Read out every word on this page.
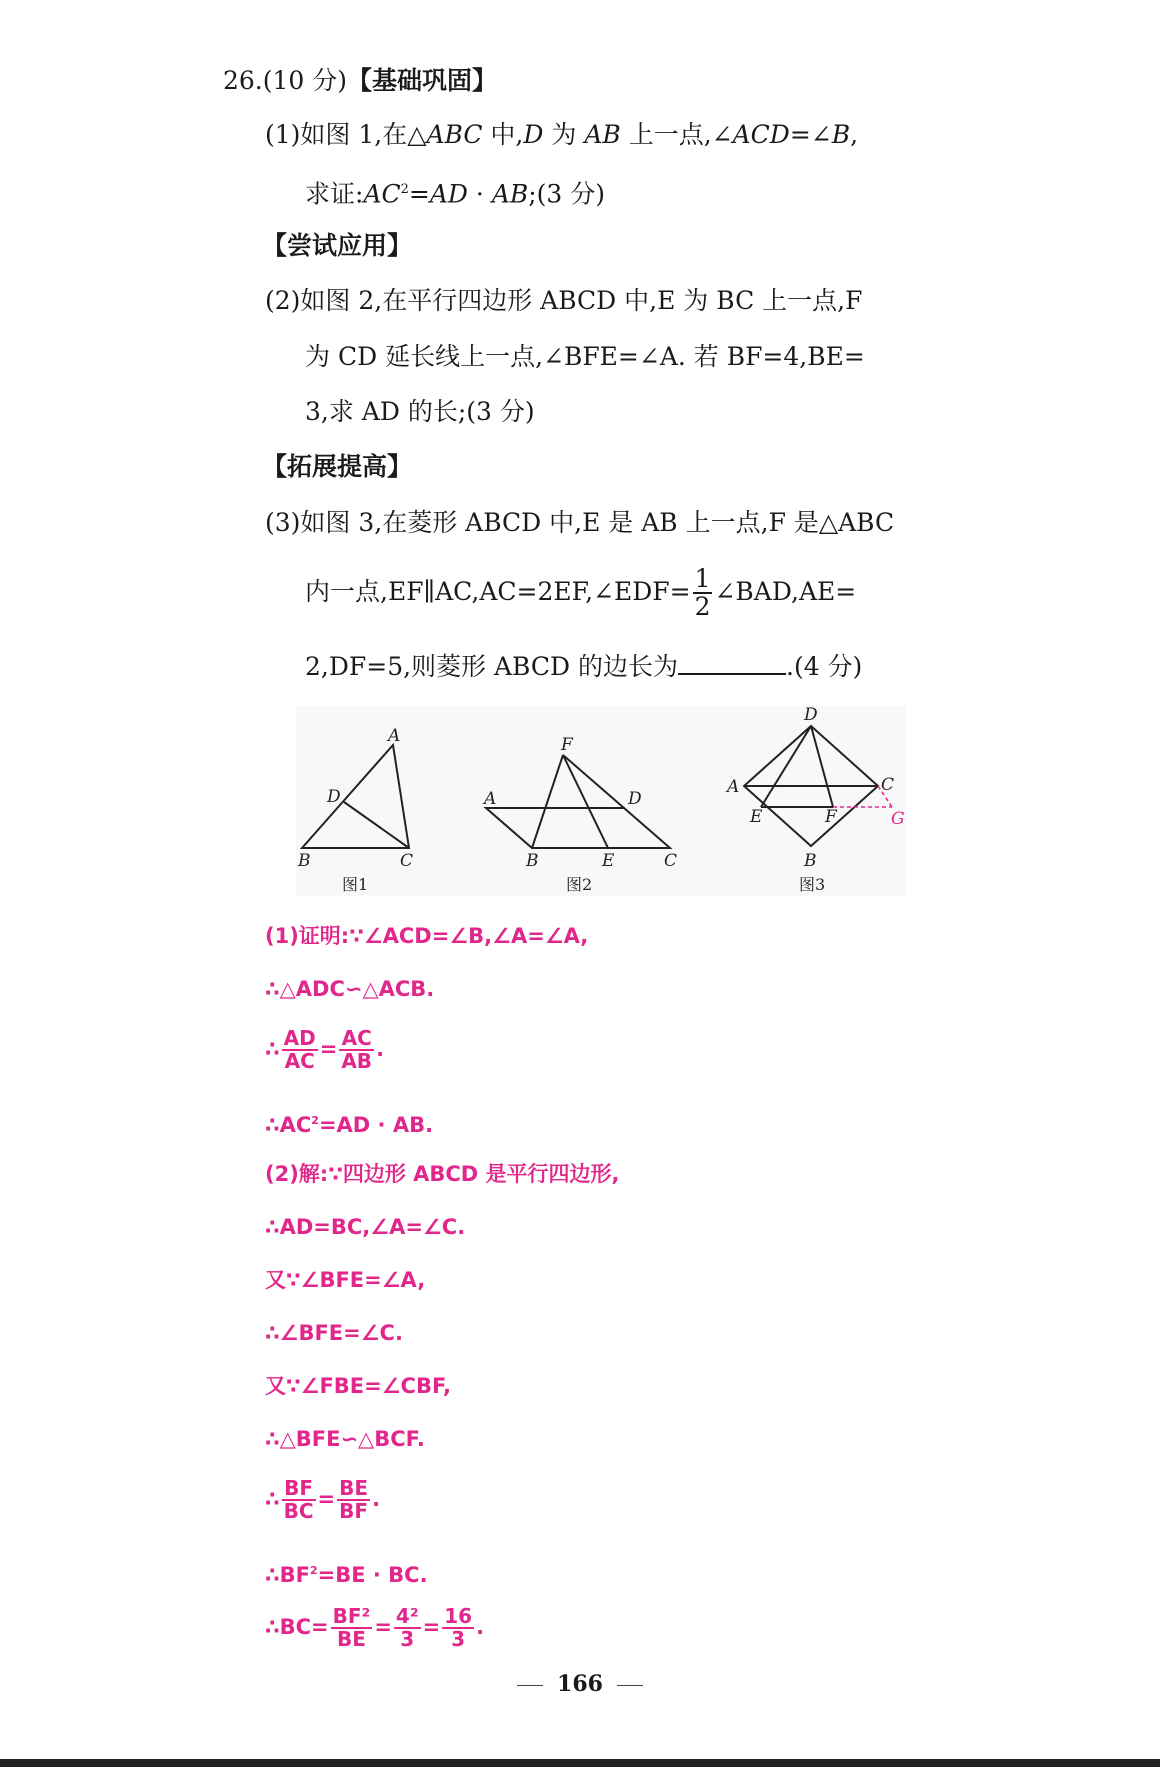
26.(10 分)【基础巩固】
(1)如图 1,在△ABC 中,D 为 AB 上一点,∠ACD=∠B,
求证$:AC^2=AD$ · AB;(3 分)
【尝试应用】
(2)如图 2,在平行四边形 ABCD 中,E 为 BC 上一点,F
为 CD 延长线上一点,∠BFE=∠A. 若 BF=4,BE=
3,求 AD 的长;(3 分)
【拓展提高】
(3)如图 3,在菱形 ABCD 中,E 是 AB 上一点,F 是△ABC
内一点,EF∥AC,AC=2EF,∠EDF= $\frac{1}{2}$ ∠BAD,AE=
2,DF=5,则菱形 ABCD 的边长为	.(4 分)
A
D
B	C
图1
F
A	D
B	E	C
图2
D
A	C
E	F
B
图3
G
(1)证明:∵∠ACD=∠B,∠A=∠A,
∴△ADC∽△ACB.
∴ $\frac{AD}{AC} = \frac{AC}{AB}$ .
$\therefore AC^2=AD$ · AB.
(2)解:∵四边形 ABCD 是平行四边形,
∴AD=BC,∠A=∠C.
又∵∠BFE=∠A,
∴∠BFE=∠C.
又∵∠FBE=∠CBF,
∴△BFE∽△BCF.
∴ $\frac{BF}{BC} = \frac{BE}{BF}$ .
$\therefore BF^2=BE$ · BC.
∴BC= $\frac{\text{BF²}}{BE} = \frac{\text{4²}}{3} = \frac{16}{3}$ .
166
